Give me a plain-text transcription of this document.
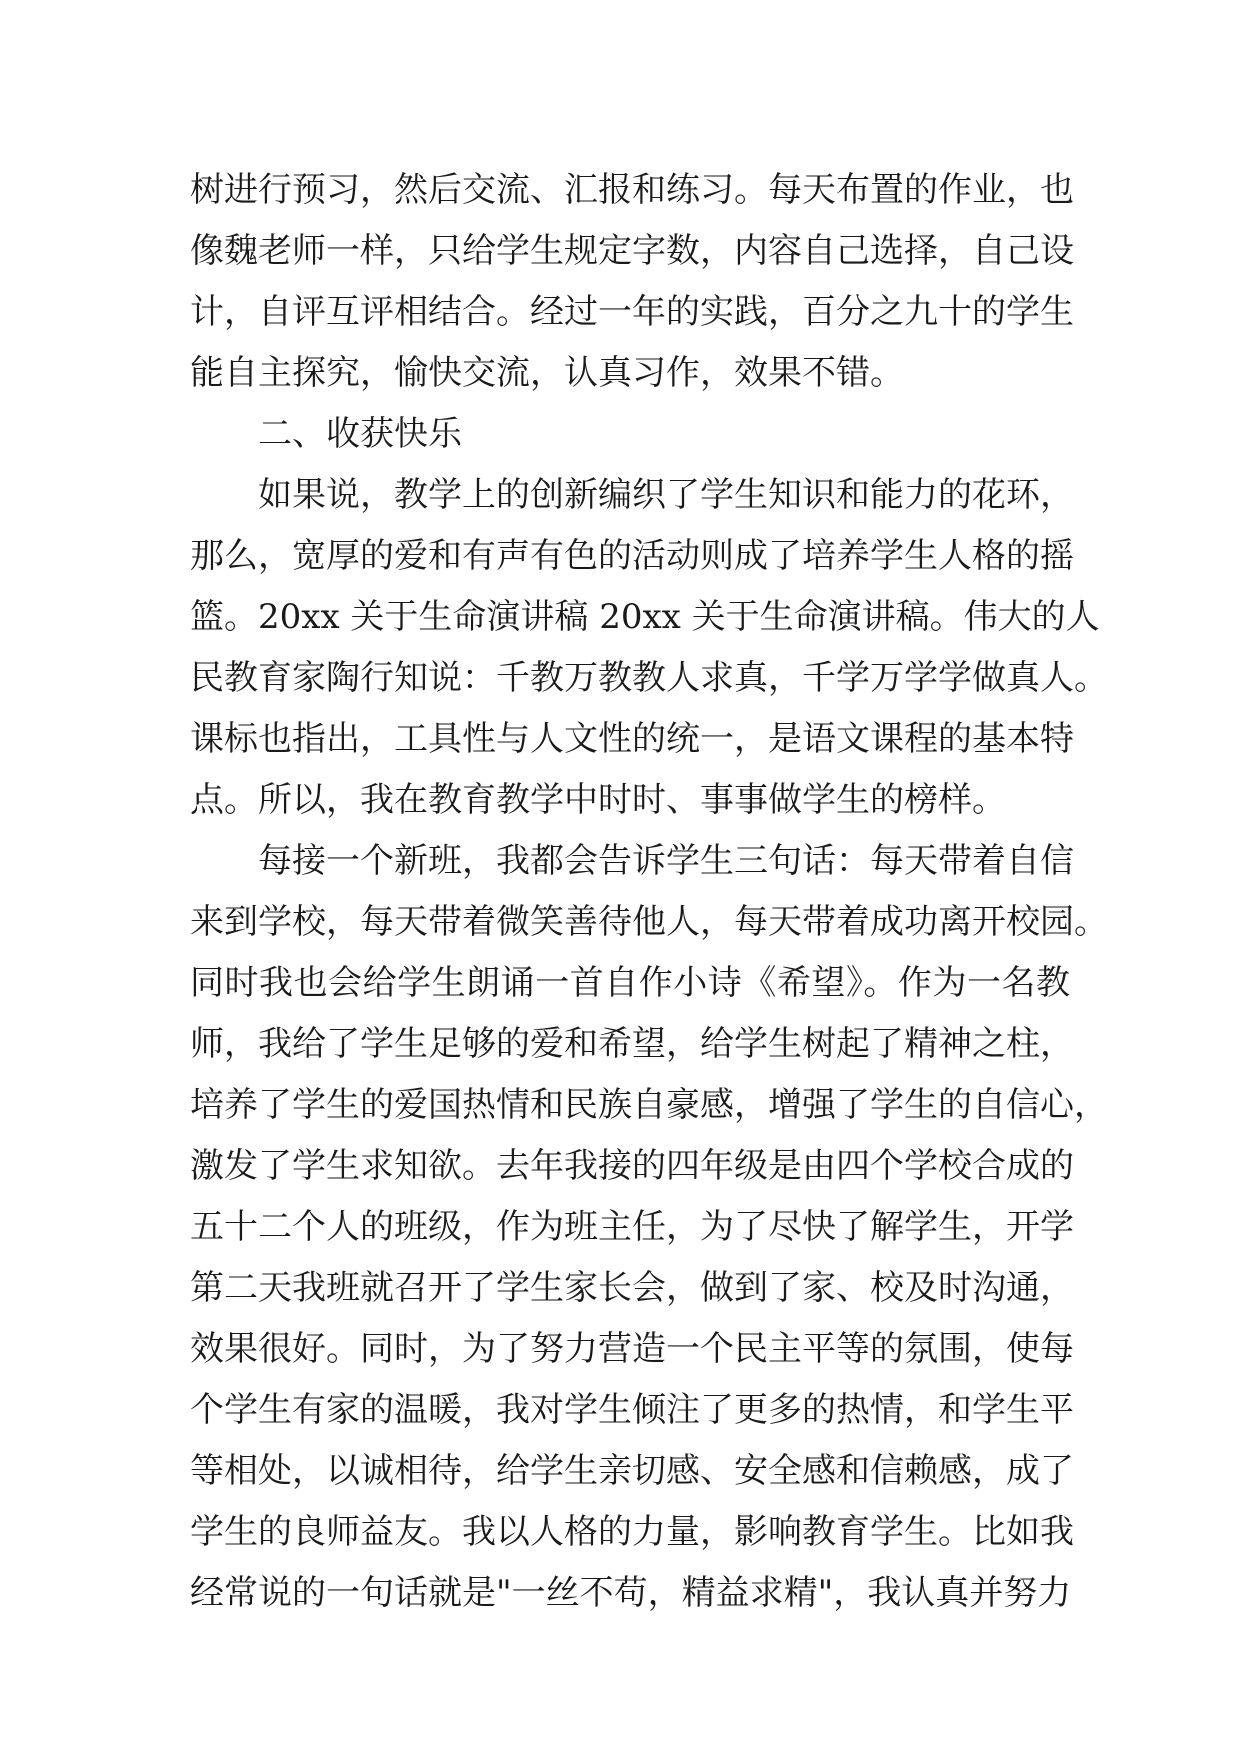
树进行预习，然后交流、汇报和练习。每天布置的作业，也
像魏老师一样，只给学生规定字数，内容自己选择，自己设
计，自评互评相结合。经过一年的实践，百分之九十的学生
能自主探究，愉快交流，认真习作，效果不错。
二、收获快乐
如果说，教学上的创新编织了学生知识和能力的花环，
那么，宽厚的爱和有声有色的活动则成了培养学生人格的摇
篮。20xx 关于生命演讲稿 20xx 关于生命演讲稿。伟大的人
民教育家陶行知说：千教万教教人求真，千学万学学做真人。
课标也指出，工具性与人文性的统一，是语文课程的基本特
点。所以，我在教育教学中时时、事事做学生的榜样。
每接一个新班，我都会告诉学生三句话：每天带着自信
来到学校，每天带着微笑善待他人，每天带着成功离开校园。
同时我也会给学生朗诵一首自作小诗《希望》。作为一名教
师，我给了学生足够的爱和希望，给学生树起了精神之柱，
培养了学生的爱国热情和民族自豪感，增强了学生的自信心，
激发了学生求知欲。去年我接的四年级是由四个学校合成的
五十二个人的班级，作为班主任，为了尽快了解学生，开学
第二天我班就召开了学生家长会，做到了家、校及时沟通，
效果很好。同时，为了努力营造一个民主平等的氛围，使每
个学生有家的温暖，我对学生倾注了更多的热情，和学生平
等相处，以诚相待，给学生亲切感、安全感和信赖感，成了
学生的良师益友。我以人格的力量，影响教育学生。比如我
经常说的一句话就是"一丝不苟，精益求精"，我认真并努力
